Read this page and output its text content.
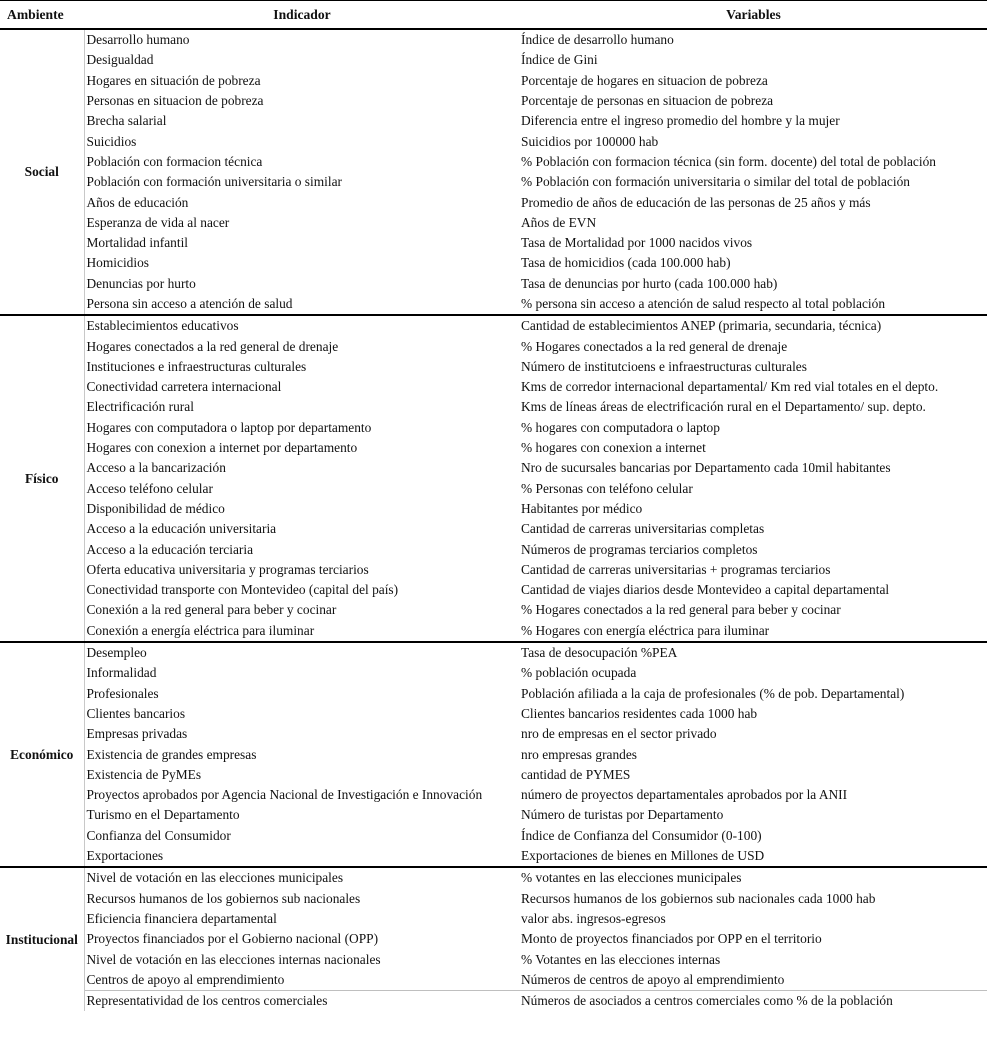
Ambiente	Indicador	Variables
Social	Desarrollo humano	Índice de desarrollo humano
	Desigualdad	Índice de Gini
	Hogares en situación de pobreza	Porcentaje de hogares en situacion de pobreza
	Personas en situacion de pobreza	Porcentaje de personas en situacion de pobreza
	Brecha salarial	Diferencia entre el ingreso promedio del hombre y la mujer
	Suicidios	Suicidios por 100000 hab
	Población con formacion técnica	% Población con formacion técnica (sin form. docente) del total de población
	Población con formación universitaria o similar	% Población con formación universitaria o similar del total de población
	Años de educación	Promedio de años de educación de las personas de 25 años y más
	Esperanza de vida al nacer	Años de EVN
	Mortalidad infantil	Tasa de Mortalidad por 1000 nacidos vivos
	Homicidios	Tasa de homicidios (cada 100.000 hab)
	Denuncias por hurto	Tasa de denuncias por hurto (cada 100.000 hab)
	Persona sin acceso a atención de salud	% persona sin acceso a atención de salud respecto al total población
Físico	Establecimientos educativos	Cantidad de establecimientos ANEP (primaria, secundaria, técnica)
	Hogares conectados a la red general de drenaje	% Hogares conectados a la red general de drenaje
	Instituciones e infraestructuras culturales	Número de institutcioens e infraestructuras culturales
	Conectividad carretera internacional	Kms de corredor internacional departamental/ Km red vial totales en el depto.
	Electrificación rural	Kms de líneas áreas de electrificación rural en el Departamento/ sup. depto.
	Hogares con computadora o laptop por departamento	% hogares con computadora o laptop
	Hogares con conexion a internet por departamento	% hogares con conexion a internet
	Acceso a la bancarización	Nro de sucursales bancarias por Departamento cada 10mil habitantes
	Acceso teléfono celular	% Personas con teléfono celular
	Disponibilidad de médico	Habitantes por médico
	Acceso a la educación universitaria	Cantidad de carreras universitarias completas
	Acceso a la educación terciaria	Números de programas terciarios completos
	Oferta educativa universitaria y programas terciarios	Cantidad de carreras universitarias + programas terciarios
	Conectividad transporte con Montevideo (capital del país)	Cantidad de viajes diarios desde Montevideo a capital departamental
	Conexión a la red general para beber y cocinar	% Hogares conectados a la red general para beber y cocinar
	Conexión a energía eléctrica para iluminar	% Hogares con energía eléctrica para iluminar
Económico	Desempleo	Tasa de desocupación %PEA
	Informalidad	% población ocupada
	Profesionales	Población afiliada a la caja de profesionales (% de pob. Departamental)
	Clientes bancarios	Clientes bancarios residentes cada 1000 hab
	Empresas privadas	nro de empresas en el sector privado
	Existencia de grandes empresas	nro empresas grandes
	Existencia de PyMEs	cantidad de PYMES
	Proyectos aprobados por Agencia Nacional de Investigación e Innovación	número de proyectos departamentales aprobados por la ANII
	Turismo en el Departamento	Número de turistas por Departamento
	Confianza del Consumidor	Índice de Confianza del Consumidor (0-100)
	Exportaciones	Exportaciones de bienes en Millones de USD
Institucional	Nivel de votación en las elecciones municipales	% votantes en las elecciones municipales
	Recursos humanos de los gobiernos sub nacionales	Recursos humanos de los gobiernos sub nacionales cada 1000 hab
	Eficiencia financiera departamental	valor abs. ingresos-egresos
	Proyectos financiados por el Gobierno nacional (OPP)	Monto de proyectos financiados por OPP en el territorio
	Nivel de votación en las elecciones internas nacionales	% Votantes en las elecciones internas
	Centros de apoyo al emprendimiento	Números de centros de apoyo al emprendimiento
	Representatividad de los centros comerciales	Números de asociados a centros comerciales como % de la población
